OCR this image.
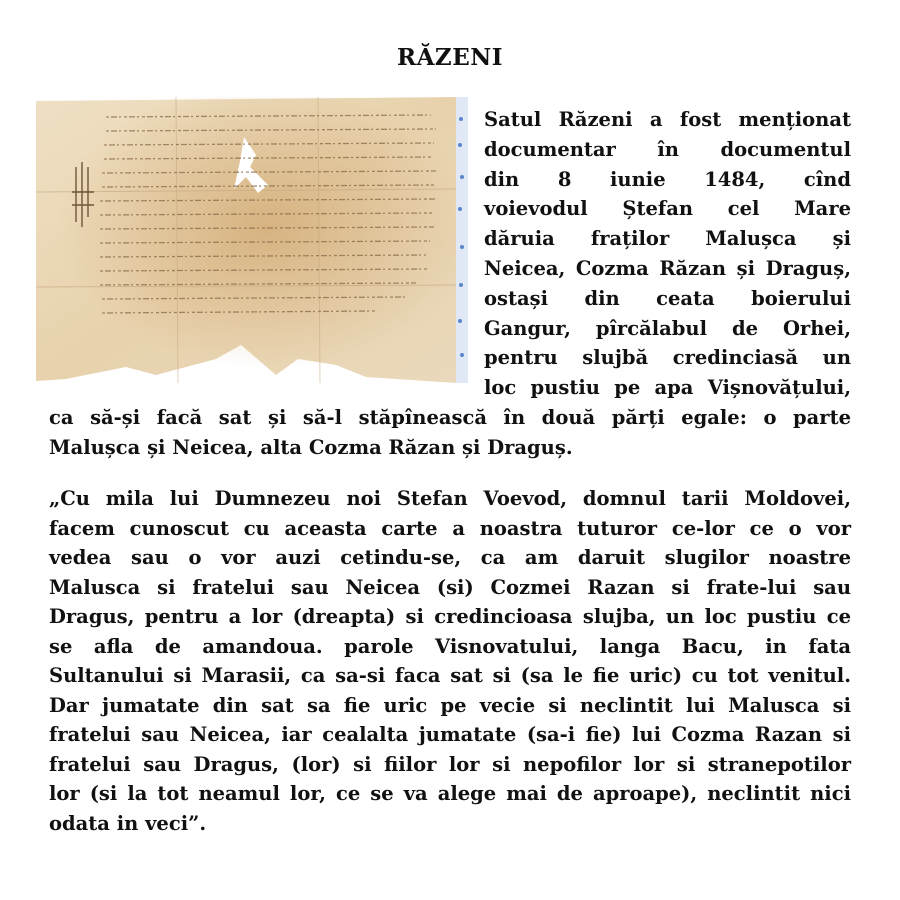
RĂZENI
Satul Răzeni a fost menționat
documentar în documentul
din 8 iunie 1484, cînd
voievodul Ștefan cel Mare
dăruia fraților Malușca și
Neicea, Cozma Răzan și Draguș,
ostași din ceata boierului
Gangur, pîrcălabul de Orhei,
pentru slujbă credinciasă un
loc pustiu pe apa Vișnovățului,
ca să-și facă sat și să-l stăpînească în două părți egale: o parte
Malușca și Neicea, alta Cozma Răzan și Draguș.
„Cu mila lui Dumnezeu noi Stefan Voevod, domnul tarii Moldovei,
facem cunoscut cu aceasta carte a noastra tuturor ce-lor ce o vor
vedea sau o vor auzi cetindu-se, ca am daruit slugilor noastre
Malusca si fratelui sau Neicea (si) Cozmei Razan si frate-lui sau
Dragus, pentru a lor (dreapta) si credincioasa slujba, un loc pustiu ce
se afla de amandoua. parole Visnovatului, langa Bacu, in fata
Sultanului si Marasii, ca sa-si faca sat si (sa le fie uric) cu tot venitul.
Dar jumatate din sat sa fie uric pe vecie si neclintit lui Malusca si
fratelui sau Neicea, iar cealalta jumatate (sa-i fie) lui Cozma Razan si
fratelui sau Dragus, (lor) si fiilor lor si nepofilor lor si stranepotilor
lor (si la tot neamul lor, ce se va alege mai de aproape), neclintit nici
odata in veci”.
